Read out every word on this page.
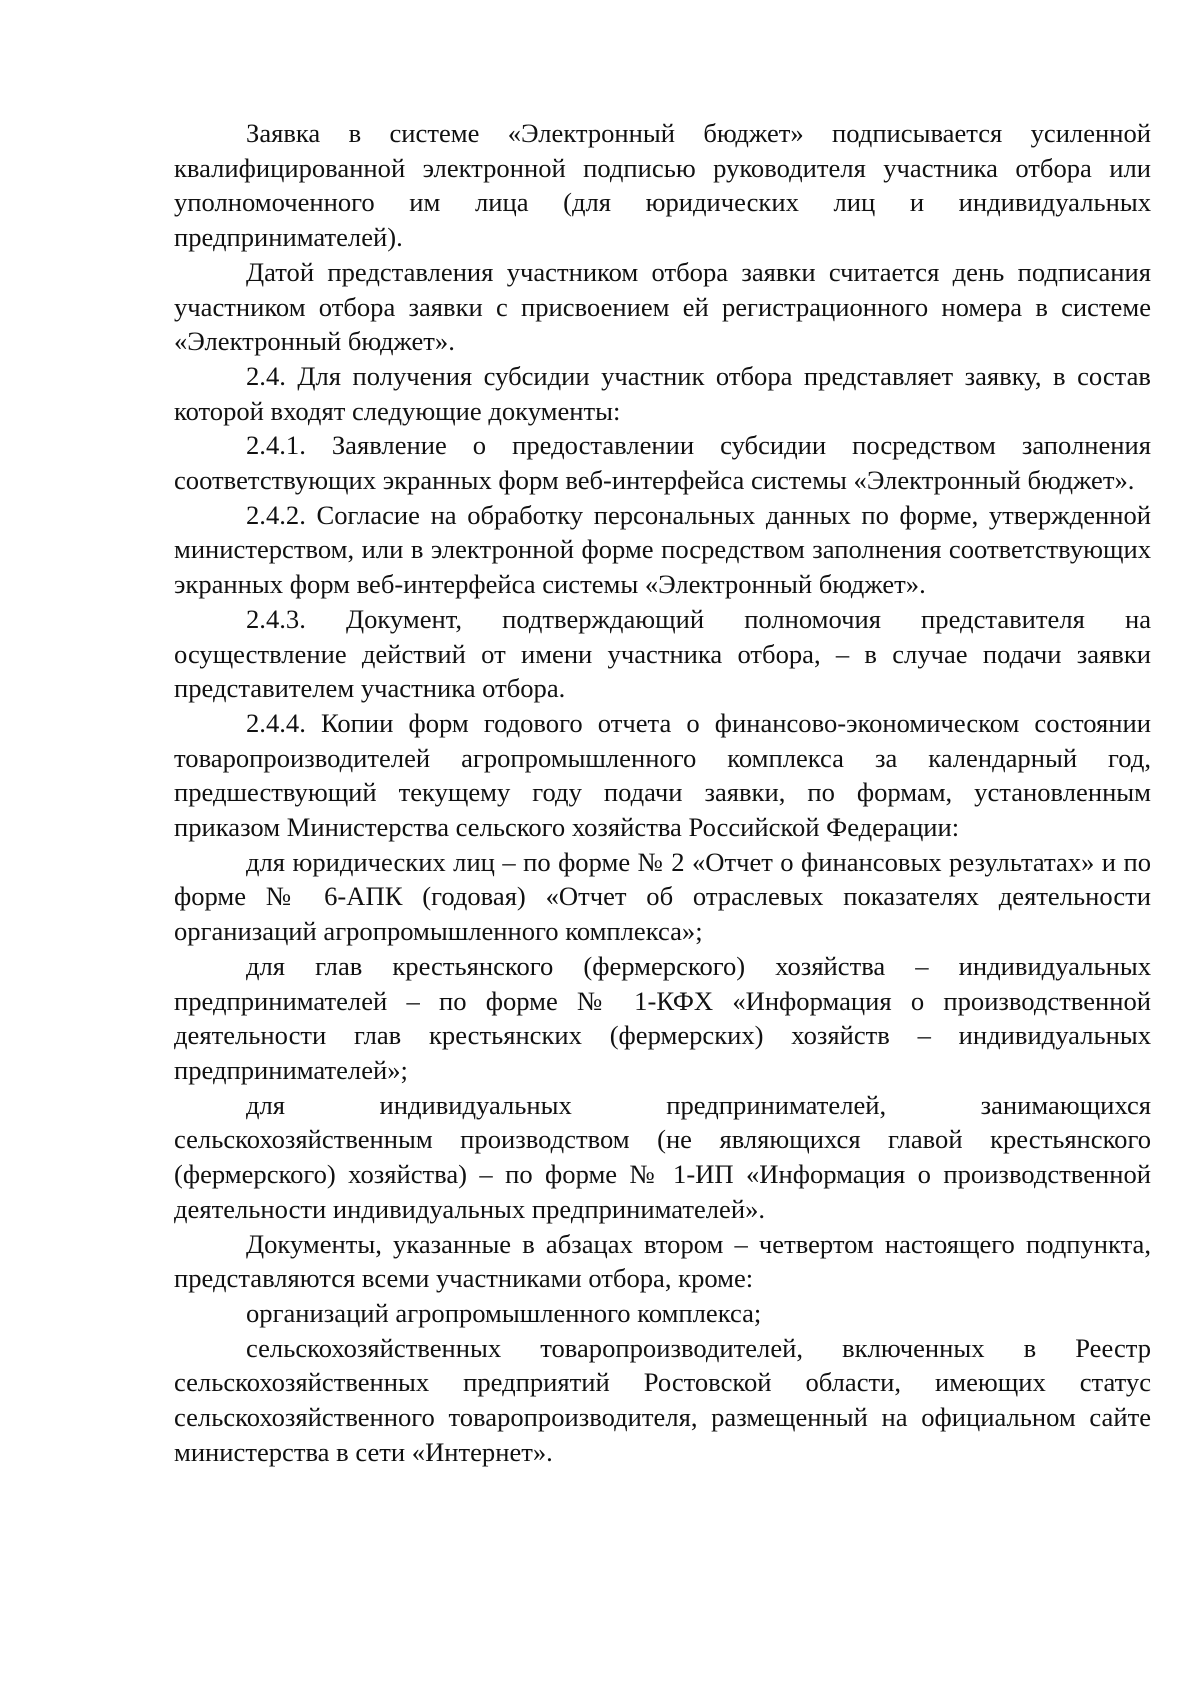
Заявка в системе «Электронный бюджет» подписывается усиленной квалифицированной электронной подписью руководителя участника отбора или уполномоченного им лица (для юридических лиц и индивидуальных предпринимателей).

Датой представления участником отбора заявки считается день подписания участником отбора заявки с присвоением ей регистрационного номера в системе «Электронный бюджет».

2.4. Для получения субсидии участник отбора представляет заявку, в состав которой входят следующие документы:

2.4.1. Заявление о предоставлении субсидии посредством заполнения соответствующих экранных форм веб-интерфейса системы «Электронный бюджет».

2.4.2. Согласие на обработку персональных данных по форме, утвержденной министерством, или в электронной форме посредством заполнения соответствующих экранных форм веб-интерфейса системы «Электронный бюджет».

2.4.3. Документ, подтверждающий полномочия представителя на осуществление действий от имени участника отбора, – в случае подачи заявки представителем участника отбора.

2.4.4. Копии форм годового отчета о финансово-экономическом состоянии товаропроизводителей агропромышленного комплекса за календарный год, предшествующий текущему году подачи заявки, по формам, установленным приказом Министерства сельского хозяйства Российской Федерации:

для юридических лиц – по форме № 2 «Отчет о финансовых результатах» и по форме № 6-АПК (годовая) «Отчет об отраслевых показателях деятельности организаций агропромышленного комплекса»;

для глав крестьянского (фермерского) хозяйства – индивидуальных предпринимателей – по форме № 1-КФХ «Информация о производственной деятельности глав крестьянских (фермерских) хозяйств – индивидуальных предпринимателей»;

для индивидуальных предпринимателей, занимающихся сельскохозяйственным производством (не являющихся главой крестьянского (фермерского) хозяйства) – по форме № 1-ИП «Информация о производственной деятельности индивидуальных предпринимателей».

Документы, указанные в абзацах втором – четвертом настоящего подпункта, представляются всеми участниками отбора, кроме:

организаций агропромышленного комплекса;

сельскохозяйственных товаропроизводителей, включенных в Реестр сельскохозяйственных предприятий Ростовской области, имеющих статус сельскохозяйственного товаропроизводителя, размещенный на официальном сайте министерства в сети «Интернет».
